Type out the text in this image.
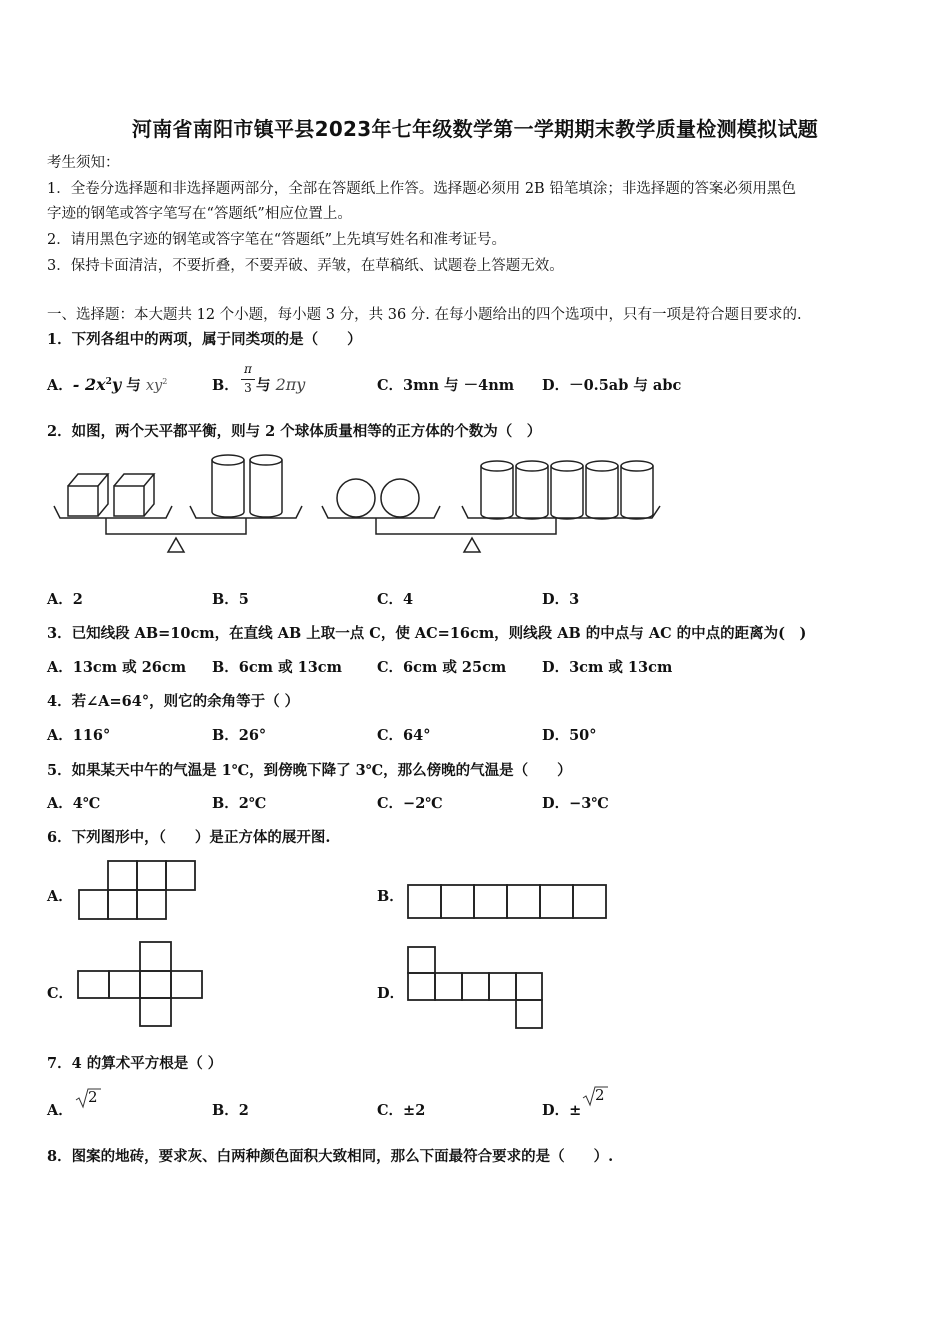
河南省南阳市镇平县2023年七年级数学第一学期期末教学质量检测模拟试题
考生须知：
1．全卷分选择题和非选择题两部分，全部在答题纸上作答。选择题必须用 2B 铅笔填涂；非选择题的答案必须用黑色
字迹的钢笔或答字笔写在“答题纸”相应位置上。
2．请用黑色字迹的钢笔或答字笔在“答题纸”上先填写姓名和准考证号。
3．保持卡面清洁，不要折叠，不要弄破、弄皱，在草稿纸、试题卷上答题无效。
一、选择题：本大题共 12 个小题，每小题 3 分，共 36 分. 在每小题给出的四个选项中，只有一项是符合题目要求的.
1．下列各组中的两项，属于同类项的是（　　）
A．- $2x^2y$ 与 $xy^2$	B．
π
3 与 2πy	C．3mn 与 －4nm D．－0.5ab 与 abc
2．如图，两个天平都平衡，则与 2 个球体质量相等的正方体的个数为（　）
A．2	B．5	C．4	D．3
3．已知线段 AB=10cm，在直线 AB 上取一点 C，使 AC=16cm，则线段 AB 的中点与 AC 的中点的距离为(　)
A．13cm 或 26cm B．6cm 或 13cm C．6cm 或 25cm D．3cm 或 13cm
4．若∠A=64°，则它的余角等于（ ）
A．116°	B．26°	C．64°	D．50°
5．如果某天中午的气温是 1℃，到傍晚下降了 3℃，那么傍晚的气温是（　　）
A．4℃	B．2℃	C．−2℃	D．−3℃
6．下列图形中，（　　）是正方体的展开图.
A．	B．
C．	D．
7．4 的算术平方根是（ ）
A．
2
B．2	C．±2	D．±
2
8．图案的地砖，要求灰、白两种颜色面积大致相同，那么下面最符合要求的是（　　）.
